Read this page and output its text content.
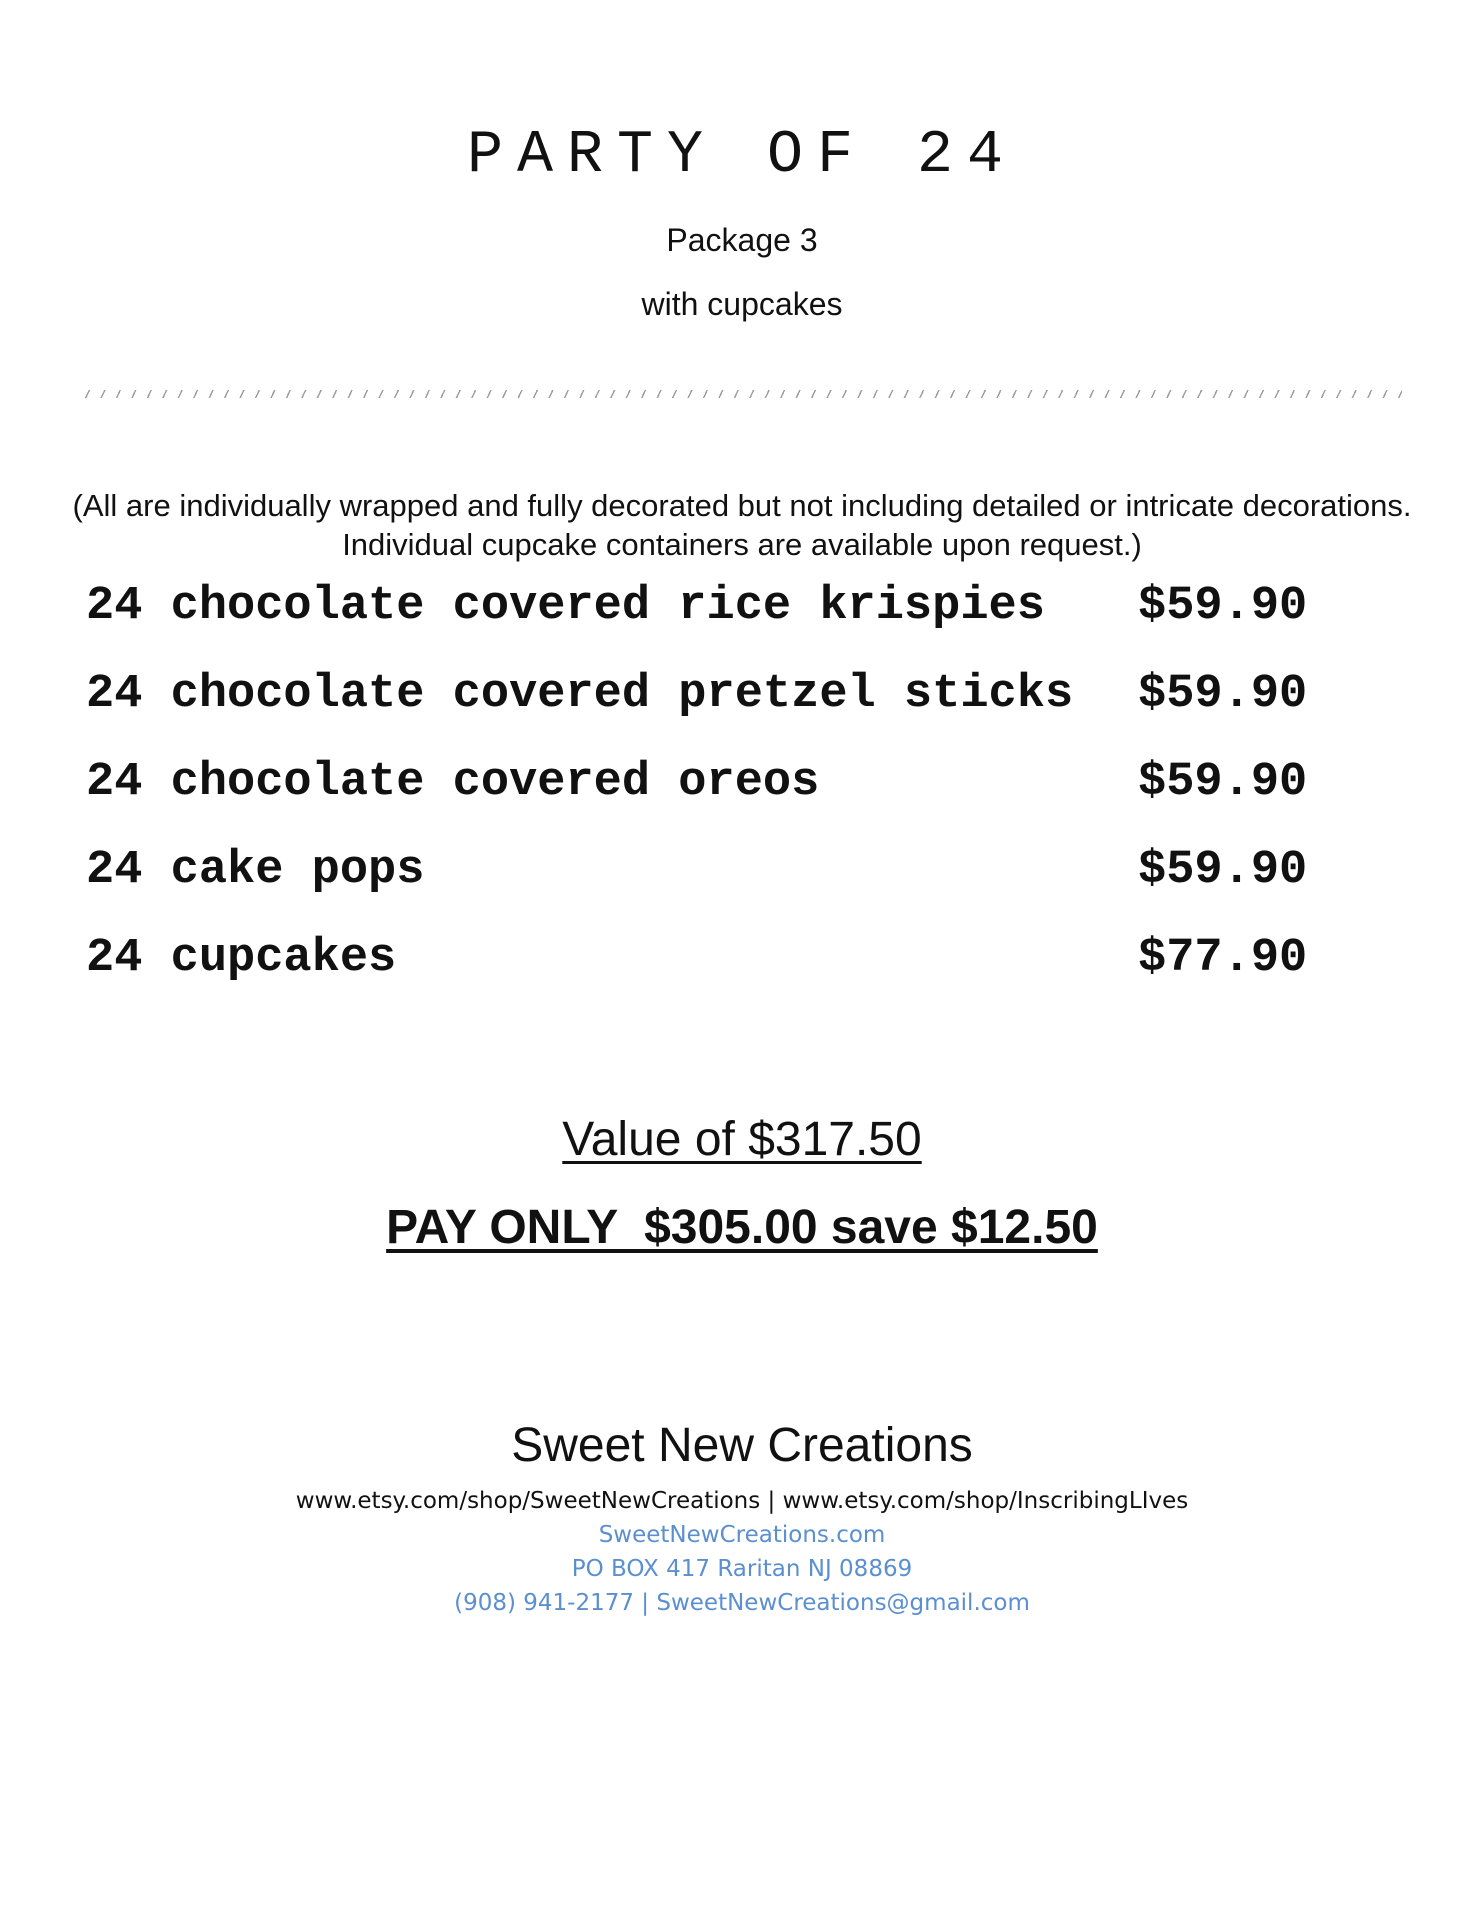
PARTY OF 24
Package 3
with cupcakes
(All are individually wrapped and fully decorated but not including detailed or intricate decorations. Individual cupcake containers are available upon request.)
24 chocolate covered rice krispies $59.90
24 chocolate covered pretzel sticks $59.90
24 chocolate covered oreos	$59.90
24 cake pops	$59.90
24 cupcakes	$77.90
Value of $317.50
PAY ONLY  $305.00 save $12.50
Sweet New Creations
www.etsy.com/shop/SweetNewCreations | www.etsy.com/shop/InscribingLIves
SweetNewCreations.com
PO BOX 417 Raritan NJ 08869
(908) 941-2177 | SweetNewCreations@gmail.com
